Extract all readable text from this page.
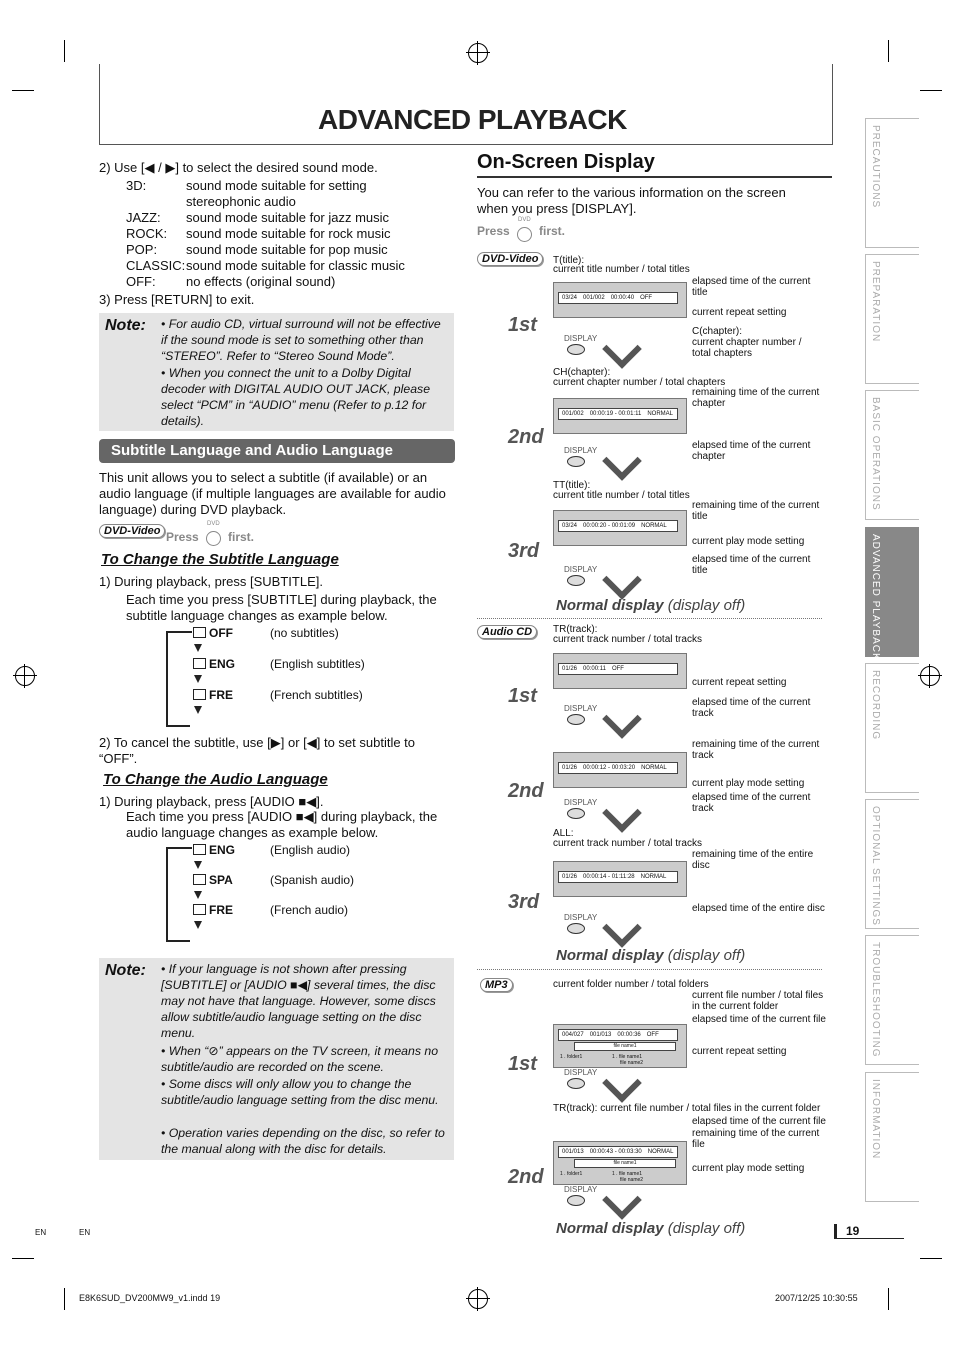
ADVANCED PLAYBACK
PRECAUTIONS
PREPARATION
BASIC OPERATIONS
ADVANCED PLAYBACK
RECORDING
OPTIONAL SETTINGS
TROUBLESHOOTING
INFORMATION
2) Use [◀ / ▶] to select the desired sound mode.
3D:	sound mode suitable for setting stereophonic audio
JAZZ: sound mode suitable for jazz music
ROCK: sound mode suitable for rock music
POP: sound mode suitable for pop music
CLASSIC: sound mode suitable for classic music
OFF: no effects (original sound)
3) Press [RETURN] to exit.
Note: • For audio CD, virtual surround will not be effective if the sound mode is set to something other than “STEREO”. Refer to “Stereo Sound Mode”.
• When you connect the unit to a Dolby Digital decoder with DIGITAL AUDIO OUT JACK, please select “PCM” in “AUDIO” menu (Refer to p.12 for details).
Subtitle Language and Audio Language
This unit allows you to select a subtitle (if available) or an audio language (if multiple languages are available for audio language) during DVD playback.
DVD-Video Press
DVD
first.
To Change the Subtitle Language
1) During playback, press [SUBTITLE].
Each time you press [SUBTITLE] during playback, the subtitle language changes as example below.
OFF	(no subtitles)
ENG	(English subtitles)
FRE	(French subtitles)
2) To cancel the subtitle, use [▶] or [◀] to set subtitle to “OFF”.
To Change the Audio Language
1) During playback, press [AUDIO ■◀].
Each time you press [AUDIO ■◀] during playback, the audio language changes as example below.
ENG	(English audio)
SPA	(Spanish audio)
FRE	(French audio)
Note: • If your language is not shown after pressing [SUBTITLE] or [AUDIO ■◀] several times, the disc may not have that language. However, some discs allow subtitle/audio language setting on the disc menu.
• When “⊘” appears on the TV screen, it means no subtitle/audio are recorded on the scene.
• Some discs will only allow you to change the subtitle/audio language setting from the disc menu.
• Operation varies depending on the disc, so refer to the manual along with the disc for details.
On-Screen Display
You can refer to the various information on the screen when you press [DISPLAY].
Press
DVD
first.
DVD-Video	T(title):
current title number / total titles
03/24 001/002 00:00:40 OFF
elapsed time of the current title
current repeat setting
C(chapter):
current chapter number / total chapters
1st
DISPLAY
CH(chapter):
current chapter number / total chapters
remaining time of the current chapter
001/002 00:00:19 - 00:01:11 NORMAL
elapsed time of the current chapter
2nd
DISPLAY
TT(title):
current title number / total titles
remaining time of the current title
03/24 00:00:20 - 00:01:09 NORMAL
current play mode setting
elapsed time of the current title
3rd
DISPLAY
Normal display (display off)
Audio CD	TR(track):
current track number / total tracks
01/26 00:00:11 OFF
current repeat setting
elapsed time of the current track
1st
DISPLAY
remaining time of the current track
01/26 00:00:12 - 00:03:20 NORMAL
current play mode setting
elapsed time of the current track
2nd
DISPLAY
ALL:
current track number / total tracks
remaining time of the entire disc
01/26 00:00:14 - 01:11:28 NORMAL
elapsed time of the entire disc
3rd
DISPLAY
Normal display (display off)
MP3	current folder number / total folders
current file number / total files in the current folder
elapsed time of the current file
004/027 001/013 00:00:36 OFF
file name1
1 . folder1	1 . file name1
file name2
current repeat setting
1st	DISPLAY
TR(track): current file number / total files in the current folder
elapsed time of the current file
remaining time of the current file
001/013 00:00:43 - 00:03:30 NORMAL
file name1
1 . folder1	1 . file name1
file name2
current play mode setting
2nd
DISPLAY
Normal display (display off)	19
EN	EN
E8K6SUD_DV200MW9_v1.indd 19	2007/12/25 10:30:55
